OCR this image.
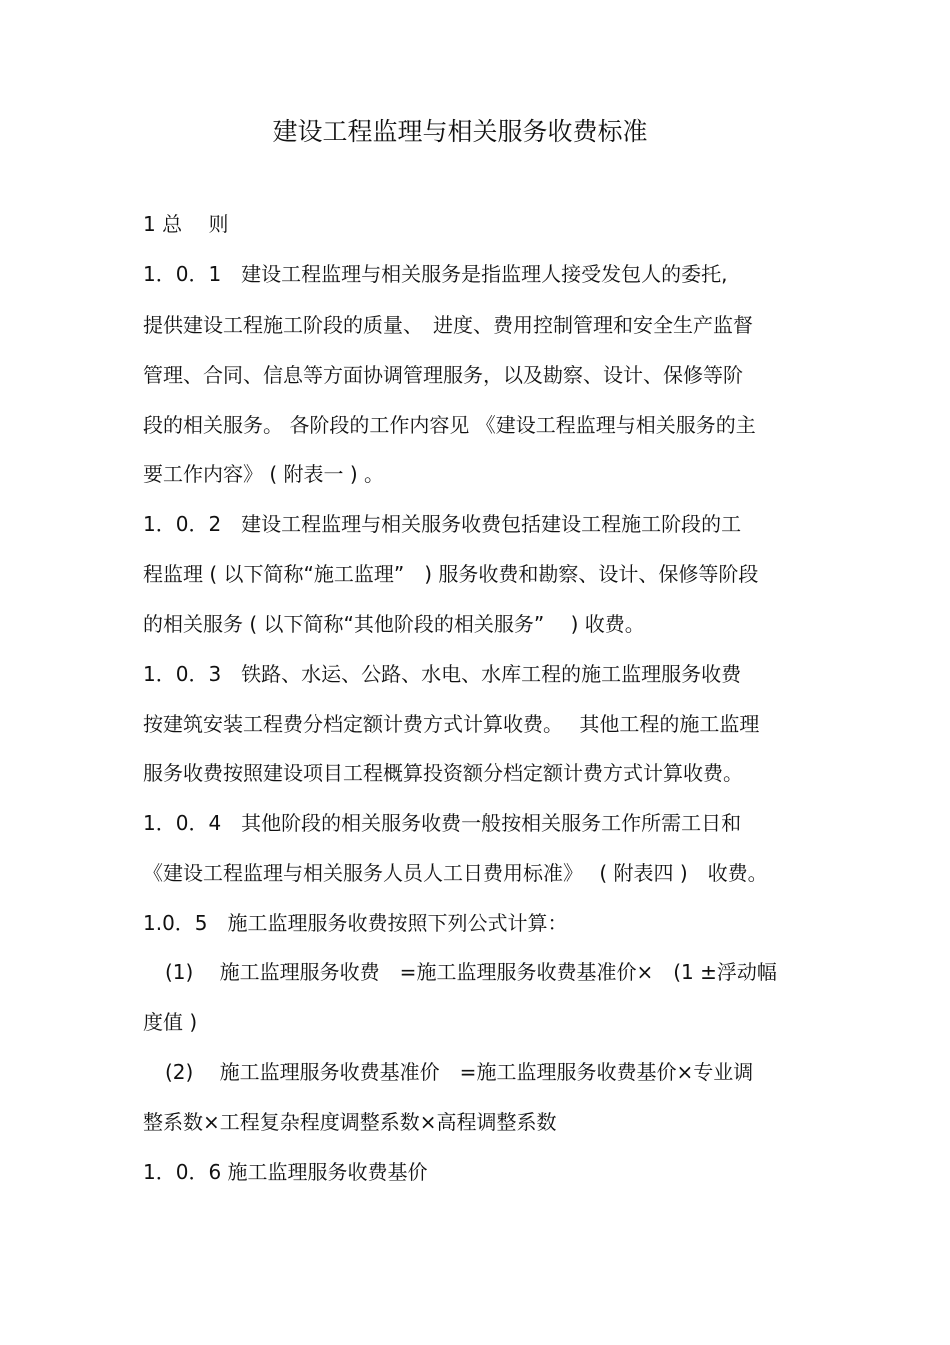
建设工程监理与相关服务收费标准
1 总　 则
1．0．1　建设工程监理与相关服务是指监理人接受发包人的委托,
提供建设工程施工阶段的质量、　进度、费用控制管理和安全生产监督
管理、合同、信息等方面协调管理服务，以及勘察、设计、保修等阶
段的相关服务。 各阶段的工作内容见 《建设工程监理与相关服务的主
要工作内容》 ( 附表一 ) 。
1．0．2　建设工程监理与相关服务收费包括建设工程施工阶段的工
程监理 ( 以下简称“施工监理”　) 服务收费和勘察、设计、保修等阶段
的相关服务 ( 以下简称“其他阶段的相关服务”　 ) 收费。
1．0．3　铁路、水运、公路、水电、水库工程的施工监理服务收费
按建筑安装工程费分档定额计费方式计算收费。　 其他工程的施工监理
服务收费按照建设项目工程概算投资额分档定额计费方式计算收费。
1．0．4　其他阶段的相关服务收费一般按相关服务工作所需工日和
《建设工程监理与相关服务人员人工日费用标准》　 ( 附表四 )　收费。
1.0．5　施工监理服务收费按照下列公式计算：
(1)　 施工监理服务收费　=施工监理服务收费基准价×　(1 ±浮动幅
度值 )
(2)　 施工监理服务收费基准价　=施工监理服务收费基价×专业调
整系数×工程复杂程度调整系数×高程调整系数
1．0．6 施工监理服务收费基价
